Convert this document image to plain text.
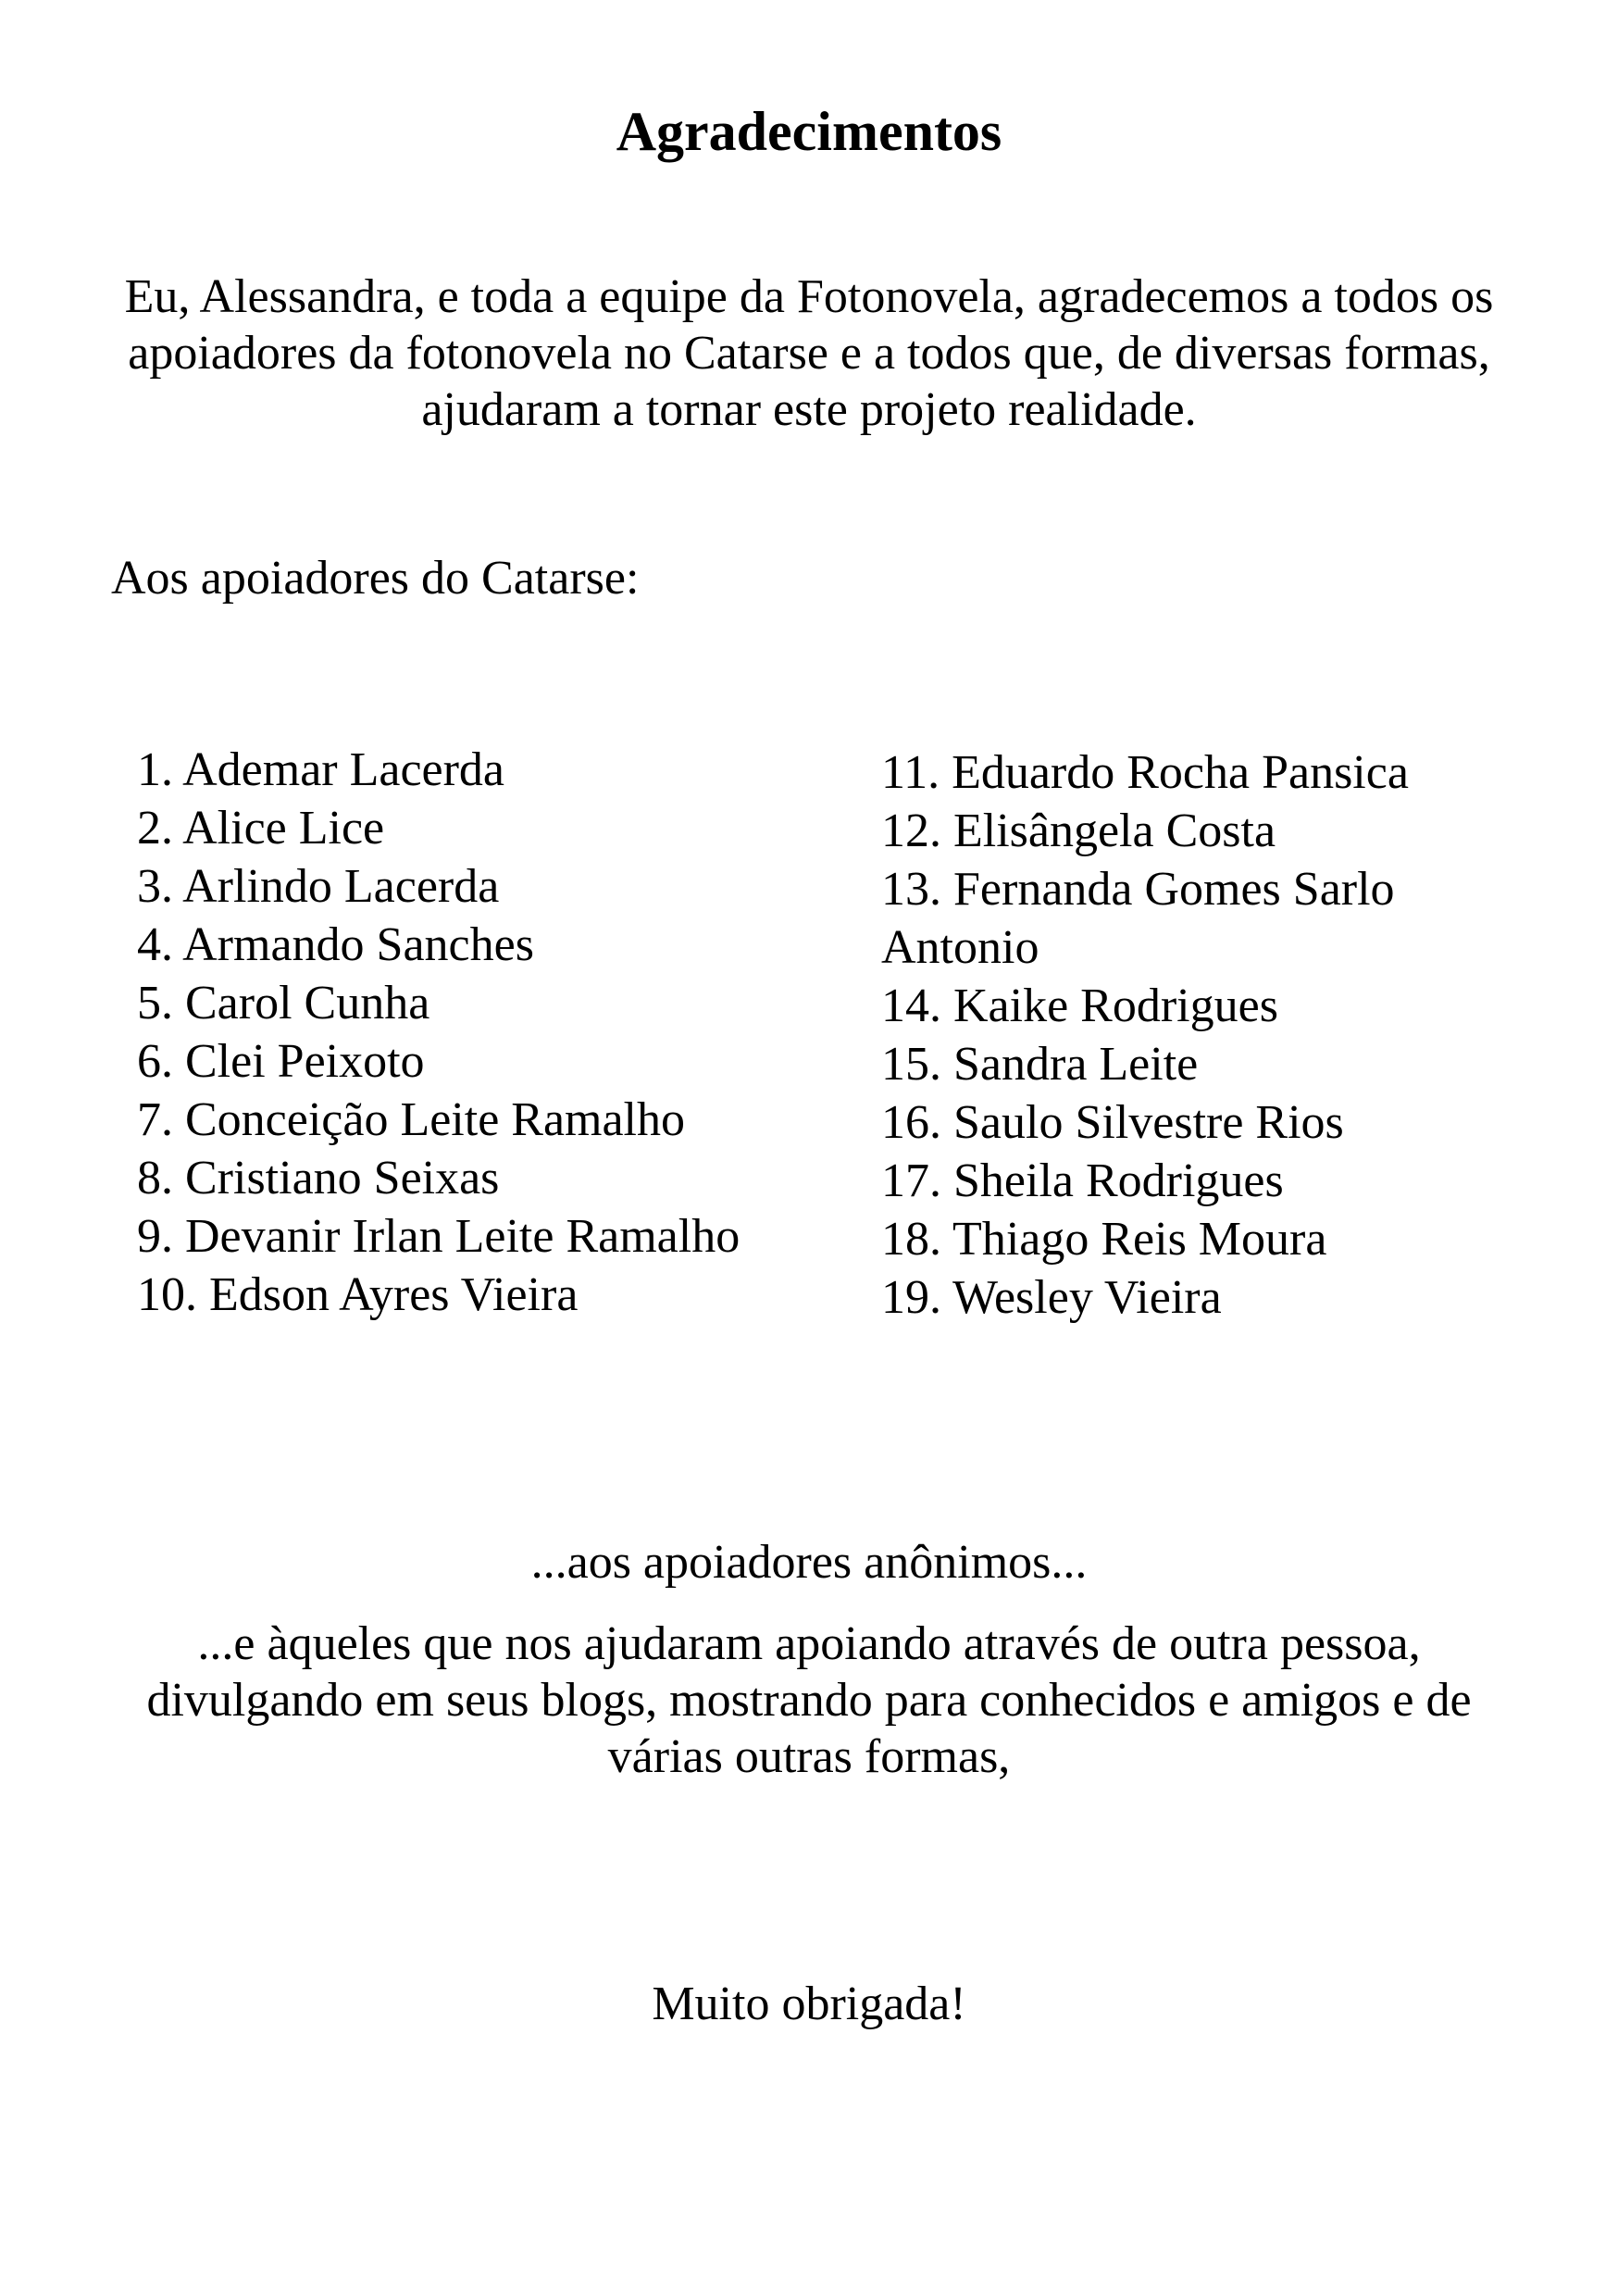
Agradecimentos

Eu, Alessandra, e toda a equipe da Fotonovela, agradecemos a todos os apoiadores da fotonovela no Catarse e a todos que, de diversas formas, ajudaram a tornar este projeto realidade.

Aos apoiadores do Catarse:

1. Ademar Lacerda
2. Alice Lice
3. Arlindo Lacerda
4. Armando Sanches
5. Carol Cunha
6. Clei Peixoto
7. Conceição Leite Ramalho
8. Cristiano Seixas
9. Devanir Irlan Leite Ramalho
10. Edson Ayres Vieira
11. Eduardo Rocha Pansica
12. Elisângela Costa
13. Fernanda Gomes Sarlo Antonio
14. Kaike Rodrigues
15. Sandra Leite
16. Saulo Silvestre Rios
17. Sheila Rodrigues
18. Thiago Reis Moura
19. Wesley Vieira

...aos apoiadores anônimos...

...e àqueles que nos ajudaram apoiando através de outra pessoa, divulgando em seus blogs, mostrando para conhecidos e amigos e de várias outras formas,

Muito obrigada!
